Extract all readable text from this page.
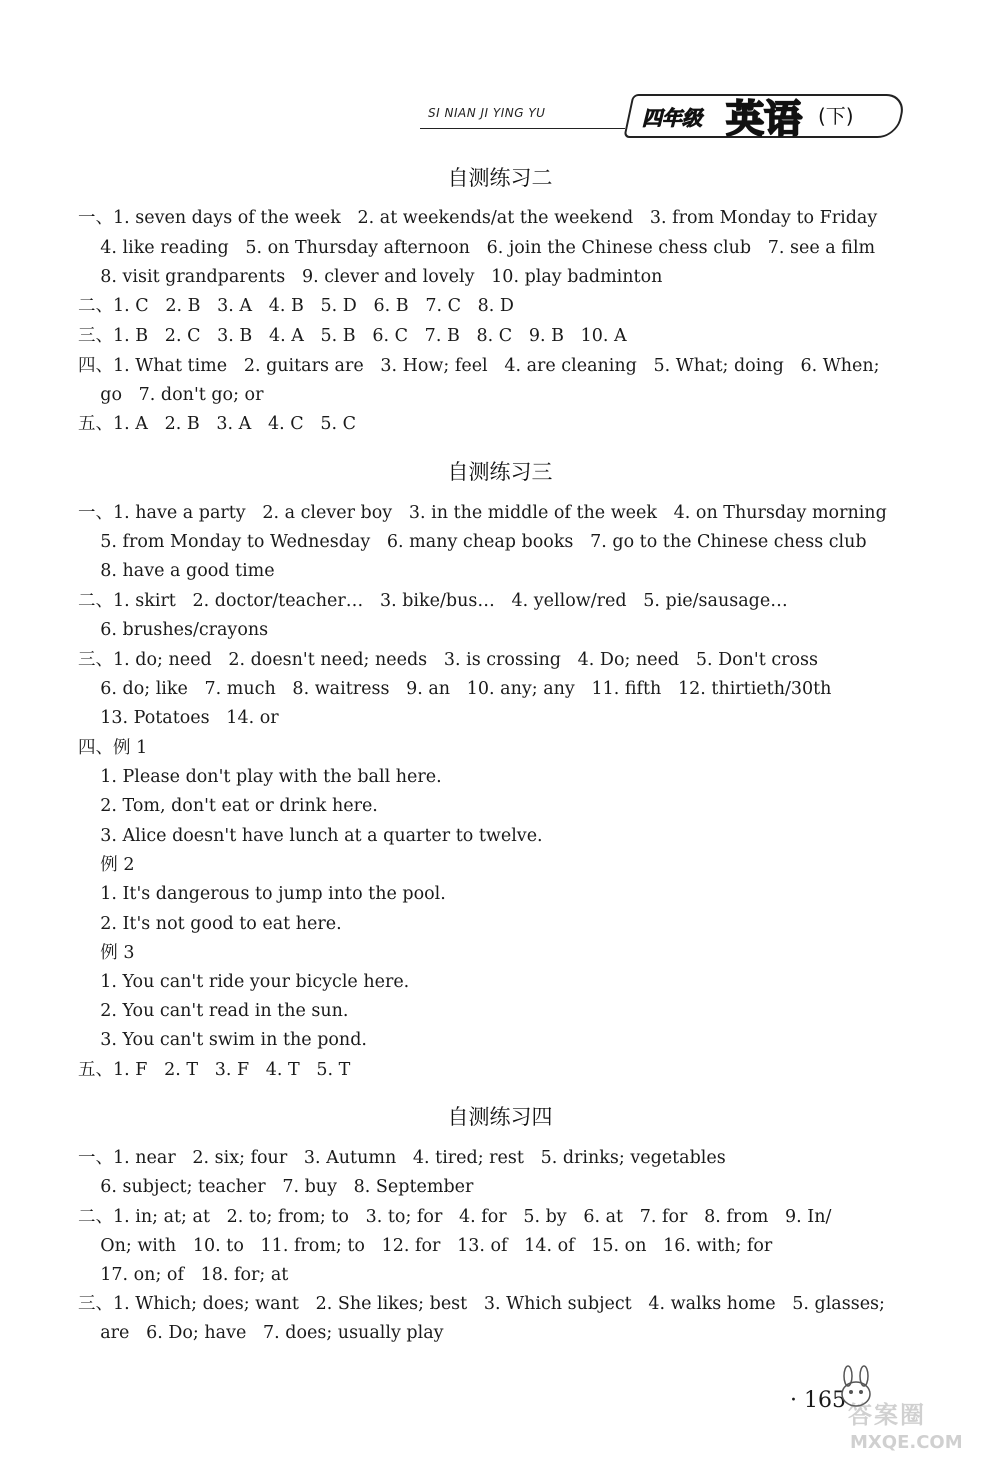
SI NIAN JI YING YU	四年级 英语 (下)
自测练习二
一、1. seven days of the week   2. at weekends/at the weekend   3. from Monday to Friday
4. like reading   5. on Thursday afternoon   6. join the Chinese chess club   7. see a film
8. visit grandparents   9. clever and lovely   10. play badminton
二、1. C   2. B   3. A   4. B   5. D   6. B   7. C   8. D
三、1. B   2. C   3. B   4. A   5. B   6. C   7. B   8. C   9. B   10. A
四、1. What time   2. guitars are   3. How; feel   4. are cleaning   5. What; doing   6. When;
go   7. don't go; or
五、1. A   2. B   3. A   4. C   5. C
自测练习三
一、1. have a party   2. a clever boy   3. in the middle of the week   4. on Thursday morning
5. from Monday to Wednesday   6. many cheap books   7. go to the Chinese chess club
8. have a good time
二、1. skirt   2. doctor/teacher…   3. bike/bus…   4. yellow/red   5. pie/sausage…
6. brushes/crayons
三、1. do; need   2. doesn't need; needs   3. is crossing   4. Do; need   5. Don't cross
6. do; like   7. much   8. waitress   9. an   10. any; any   11. fifth   12. thirtieth/30th
13. Potatoes   14. or
四、例 1
1. Please don't play with the ball here.
2. Tom, don't eat or drink here.
3. Alice doesn't have lunch at a quarter to twelve.
例 2
1. It's dangerous to jump into the pool.
2. It's not good to eat here.
例 3
1. You can't ride your bicycle here.
2. You can't read in the sun.
3. You can't swim in the pond.
五、1. F   2. T   3. F   4. T   5. T
自测练习四
一、1. near   2. six; four   3. Autumn   4. tired; rest   5. drinks; vegetables
6. subject; teacher   7. buy   8. September
二、1. in; at; at   2. to; from; to   3. to; for   4. for   5. by   6. at   7. for   8. from   9. In/
On; with   10. to   11. from; to   12. for   13. of   14. of   15. on   16. with; for
17. on; of   18. for; at
三、1. Which; does; want   2. She likes; best   3. Which subject   4. walks home   5. glasses;
are   6. Do; have   7. does; usually play
· 165
答案圈
MXQE.COM
